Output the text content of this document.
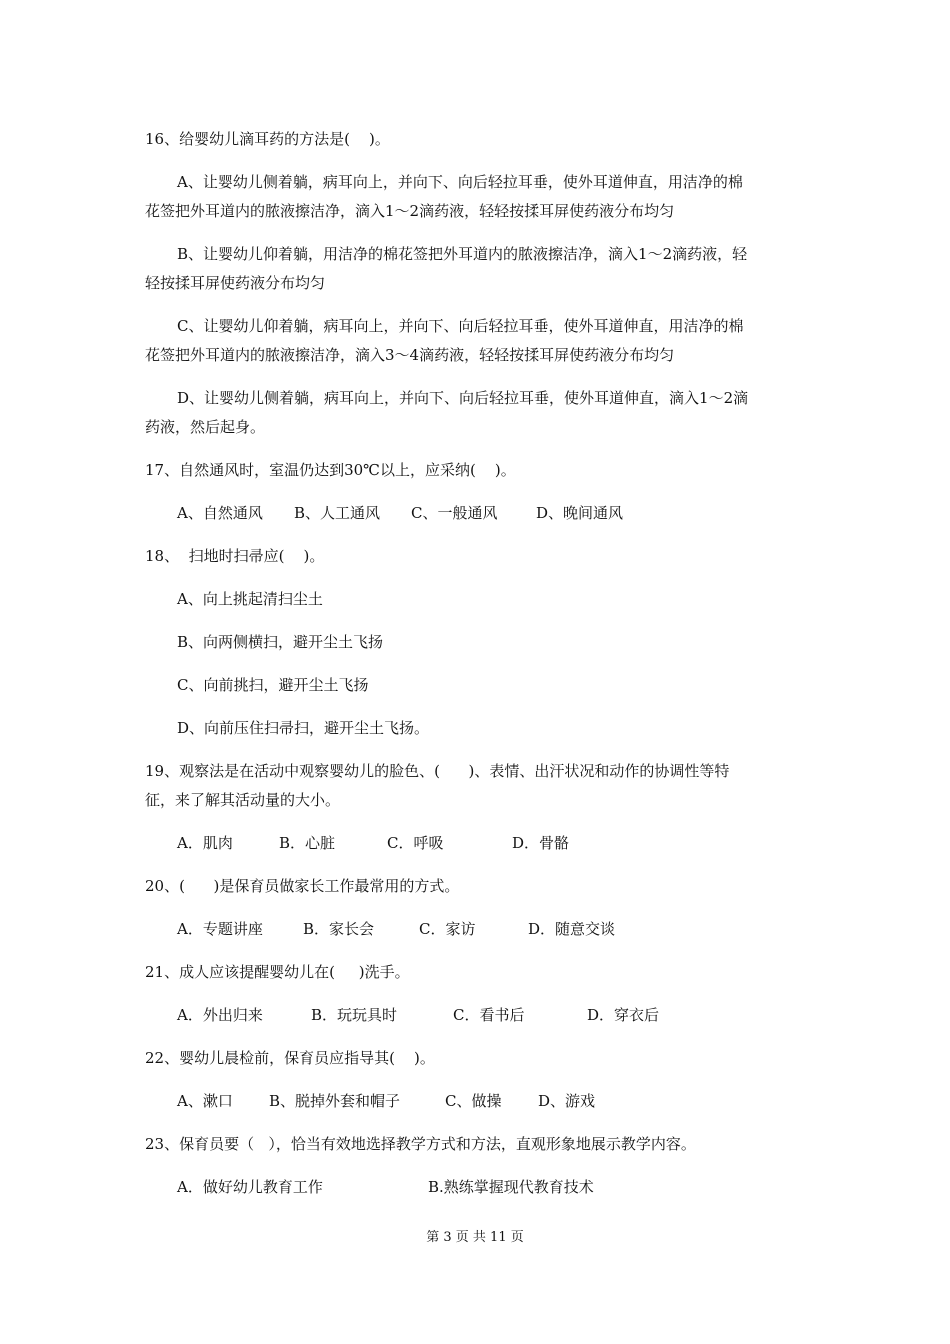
16、给婴幼儿滴耳药的方法是(    )。

A、让婴幼儿侧着躺，病耳向上，并向下、向后轻拉耳垂，使外耳道伸直，用洁净的棉

花签把外耳道内的脓液擦洁净，滴入1～2滴药液，轻轻按揉耳屏使药液分布均匀

B、让婴幼儿仰着躺，用洁净的棉花签把外耳道内的脓液擦洁净，滴入1～2滴药液，轻

轻按揉耳屏使药液分布均匀

C、让婴幼儿仰着躺，病耳向上，并向下、向后轻拉耳垂，使外耳道伸直，用洁净的棉

花签把外耳道内的脓液擦洁净，滴入3～4滴药液，轻轻按揉耳屏使药液分布均匀

D、让婴幼儿侧着躺，病耳向上，并向下、向后轻拉耳垂，使外耳道伸直，滴入1～2滴

药液，然后起身。

17、自然通风时，室温仍达到30℃以上，应采纳(    )。

A、自然通风	B、人工通风	C、一般通风	D、晚间通风

18、  扫地时扫帚应(    )。

A、向上挑起清扫尘土

B、向两侧横扫，避开尘土飞扬

C、向前挑扫，避开尘土飞扬

D、向前压住扫帚扫，避开尘土飞扬。

19、观察法是在活动中观察婴幼儿的脸色、(      )、表情、出汗状况和动作的协调性等特

征，来了解其活动量的大小。

A．肌肉	B．心脏	C．呼吸	D．骨骼

20、(      )是保育员做家长工作最常用的方式。

A．专题讲座	B．家长会	C．家访	D．随意交谈

21、成人应该提醒婴幼儿在(     )洗手。

A．外出归来	B．玩玩具时	C．看书后	D．穿衣后

22、婴幼儿晨检前，保育员应指导其(    )。

A、漱口	B、脱掉外套和帽子	C、做操	D、游戏

23、保育员要（   ），恰当有效地选择教学方式和方法，直观形象地展示教学内容。

A．做好幼儿教育工作	B.熟练掌握现代教育技术
第 3 页 共 11 页
